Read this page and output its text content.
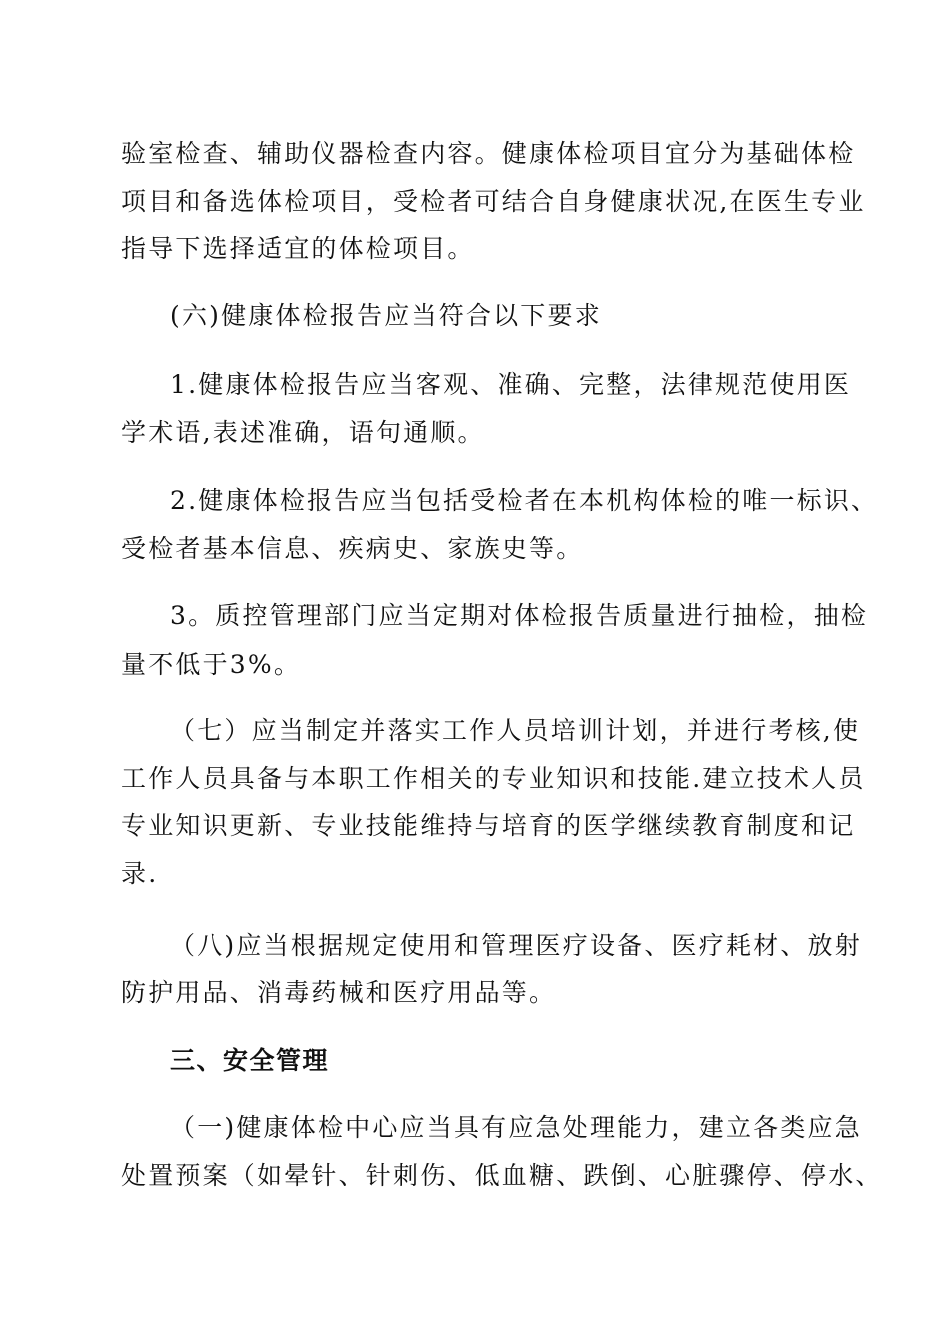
验室检查、辅助仪器检查内容。健康体检项目宜分为基础体检
项目和备选体检项目，受检者可结合自身健康状况,在医生专业
指导下选择适宜的体检项目。
(六)健康体检报告应当符合以下要求
1.健康体检报告应当客观、准确、完整，法律规范使用医
学术语,表述准确，语句通顺。
2.健康体检报告应当包括受检者在本机构体检的唯一标识、
受检者基本信息、疾病史、家族史等。
3。质控管理部门应当定期对体检报告质量进行抽检，抽检
量不低于3%。
（七）应当制定并落实工作人员培训计划，并进行考核,使
工作人员具备与本职工作相关的专业知识和技能.建立技术人员
专业知识更新、专业技能维持与培育的医学继续教育制度和记
录.
（八)应当根据规定使用和管理医疗设备、医疗耗材、放射
防护用品、消毒药械和医疗用品等。
三、安全管理
（一)健康体检中心应当具有应急处理能力，建立各类应急
处置预案（如晕针、针刺伤、低血糖、跌倒、心脏骤停、停水、
